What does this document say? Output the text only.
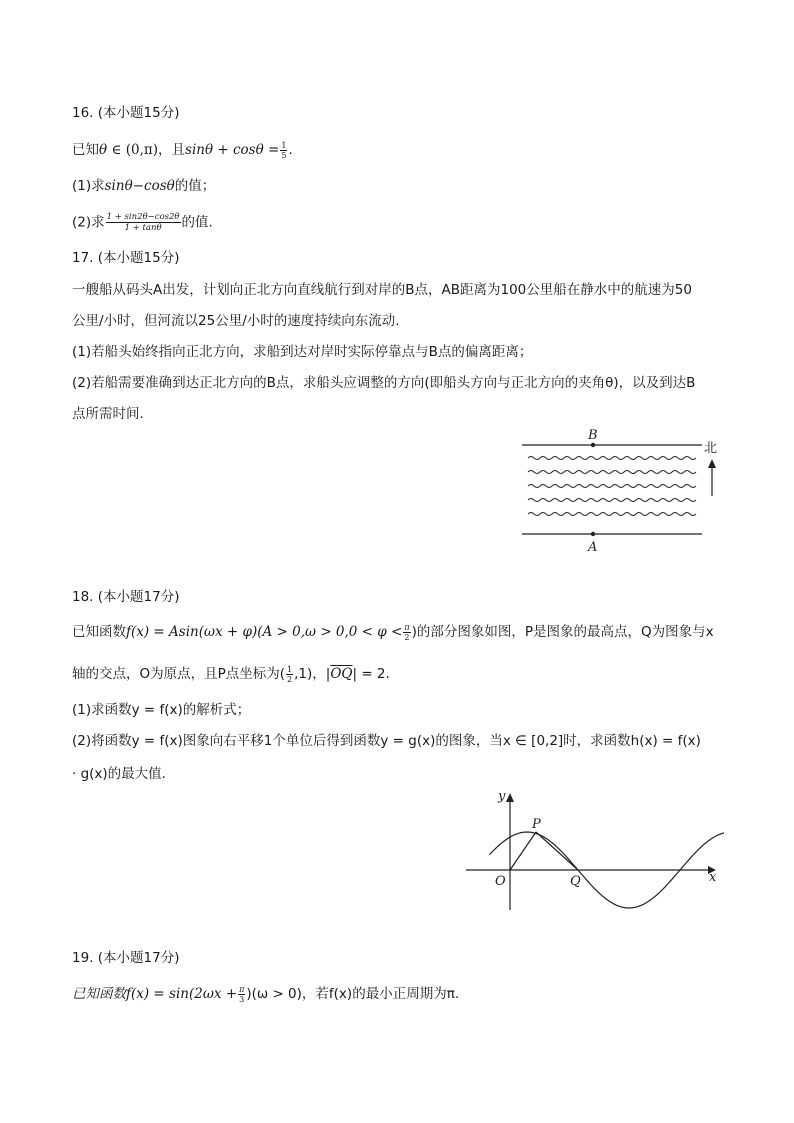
16. (本小题15分)
已知θ ∈ (0,π)，且$\sin\theta + \cos\theta = \frac{1}{5}$ .
(1)求sinθ−cosθ的值；
(2)求 $\frac{1 + \sin 2\theta-\cos 2\theta}{1 + \tan\theta}$ 的值.
17. (本小题15分)
一艘船从码头A出发，计划向正北方向直线航行到对岸的B点，AB距离为100公里船在静水中的航速为50
公里/小时，但河流以25公里/小时的速度持续向东流动.
(1)若船头始终指向正北方向，求船到达对岸时实际停靠点与B点的偏离距离；
(2)若船需要准确到达正北方向的B点，求船头应调整的方向(即船头方向与正北方向的夹角θ)，以及到达B
点所需时间.
B
A
北
18. (本小题17分)
已知函数$f(x) = Asin(\omega x + \varphi)(A > 0,\omega > 0,0 < \varphi < \frac{\pi}{2}$ )的部分图象如图，P是图象的最高点，Q为图象与x
轴的交点，O为原点，且P点坐标为( $\frac{1}{2} ,1$)，$|\overline{OQ}| = 2$.
(1)求函数y = f(x)的解析式；
(2)将函数y = f(x)图象向右平移1个单位后得到函数y = g(x)的图象，当x ∈ [0,2]时，求函数h(x) = f(x)
· g(x)的最大值.
y
x
P
O	Q
19. (本小题17分)
已知函数$f(x) = \sin(2\omega x + \frac{\pi}{3} )(\omega > 0)$，若f(x)的最小正周期为π.
